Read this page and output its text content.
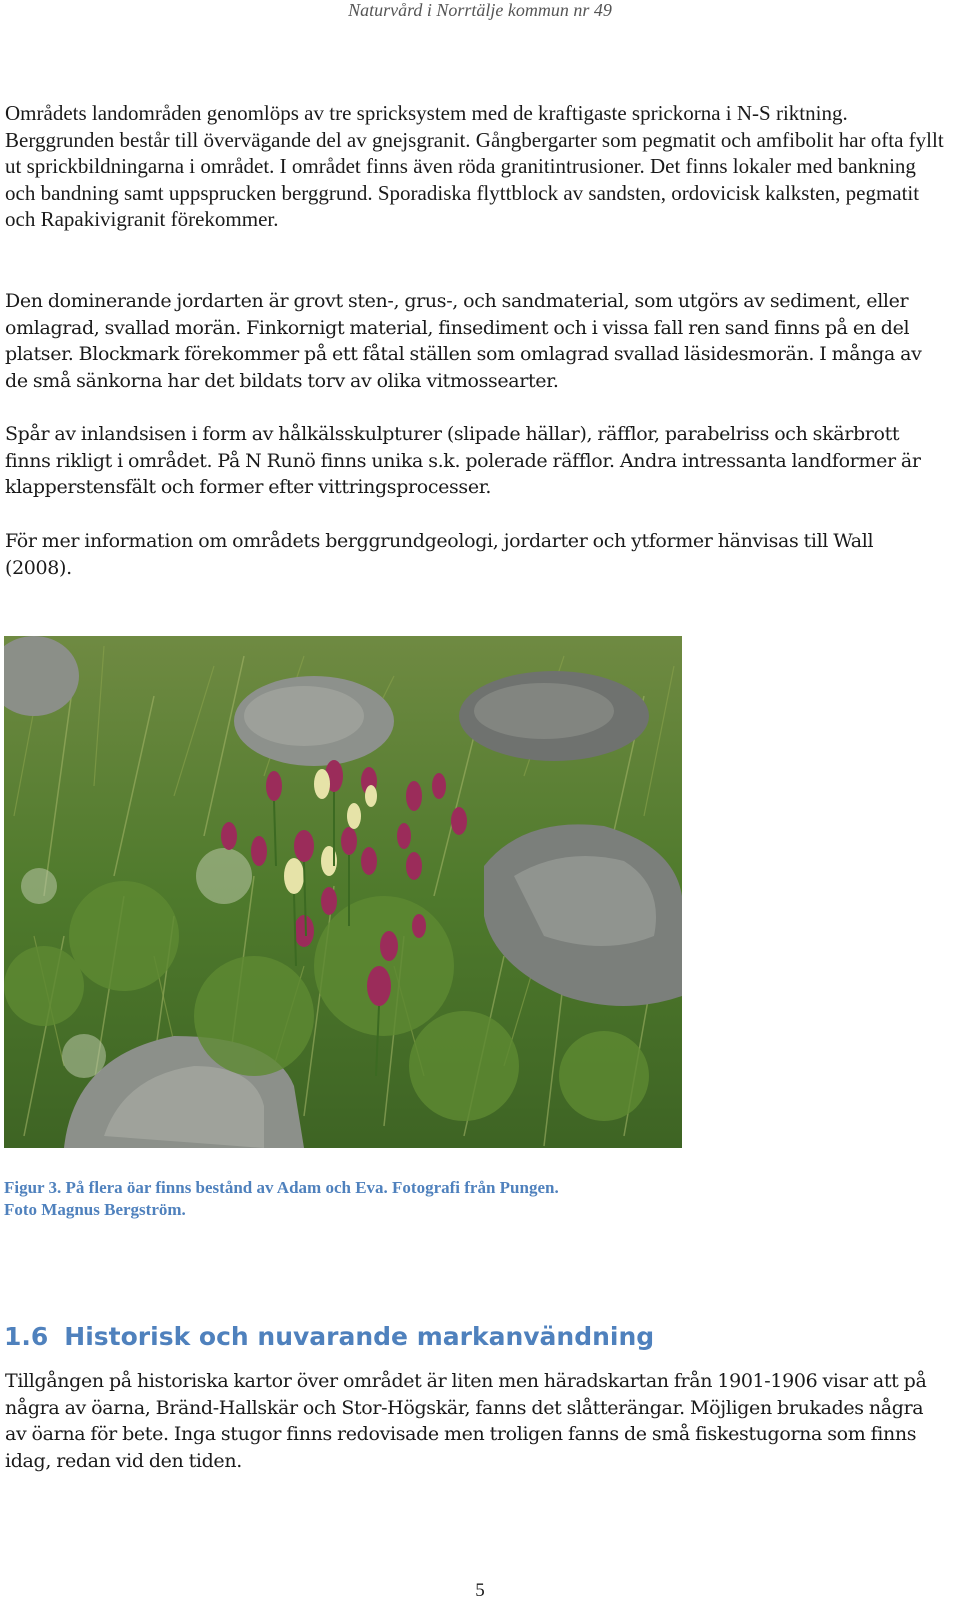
Naturvård i Norrtälje kommun nr 49

Områdets landområden genomlöps av tre spricksystem med de kraftigaste sprickorna i N-S riktning. Berggrunden består till övervägande del av gnejsgranit. Gångbergarter som pegmatit och amfibolit har ofta fyllt ut sprickbildningarna i området. I området finns även röda granitintrusioner. Det finns lokaler med bankning och bandning samt uppsprucken berggrund. Sporadiska flyttblock av sandsten, ordovicisk kalksten, pegmatit och Rapakivigranit förekommer.

Den dominerande jordarten är grovt sten-, grus-, och sandmaterial, som utgörs av sediment, eller omlagrad, svallad morän. Finkornigt material, finsediment och i vissa fall ren sand finns på en del platser. Blockmark förekommer på ett fåtal ställen som omlagrad svallad läsidesmorän. I många av de små sänkorna har det bildats torv av olika vitmossearter.

Spår av inlandsisen i form av hålkälsskulpturer (slipade hällar), räfflor, parabelriss och skärbrott finns rikligt i området. På N Runö finns unika s.k. polerade räfflor. Andra intressanta landformer är klapperstensfält och former efter vittringsprocesser.

För mer information om områdets berggrundgeologi, jordarter och ytformer hänvisas till Wall (2008).

Figur 3. På flera öar finns bestånd av Adam och Eva. Fotografi från Pungen.
Foto Magnus Bergström.
1.6 Historisk och nuvarande markanvändning

Tillgången på historiska kartor över området är liten men häradskartan från 1901-1906 visar att på några av öarna, Bränd-Hallskär och Stor-Högskär, fanns det slåtterängar. Möjligen brukades några av öarna för bete. Inga stugor finns redovisade men troligen fanns de små fiskestugorna som finns idag, redan vid den tiden.

5
